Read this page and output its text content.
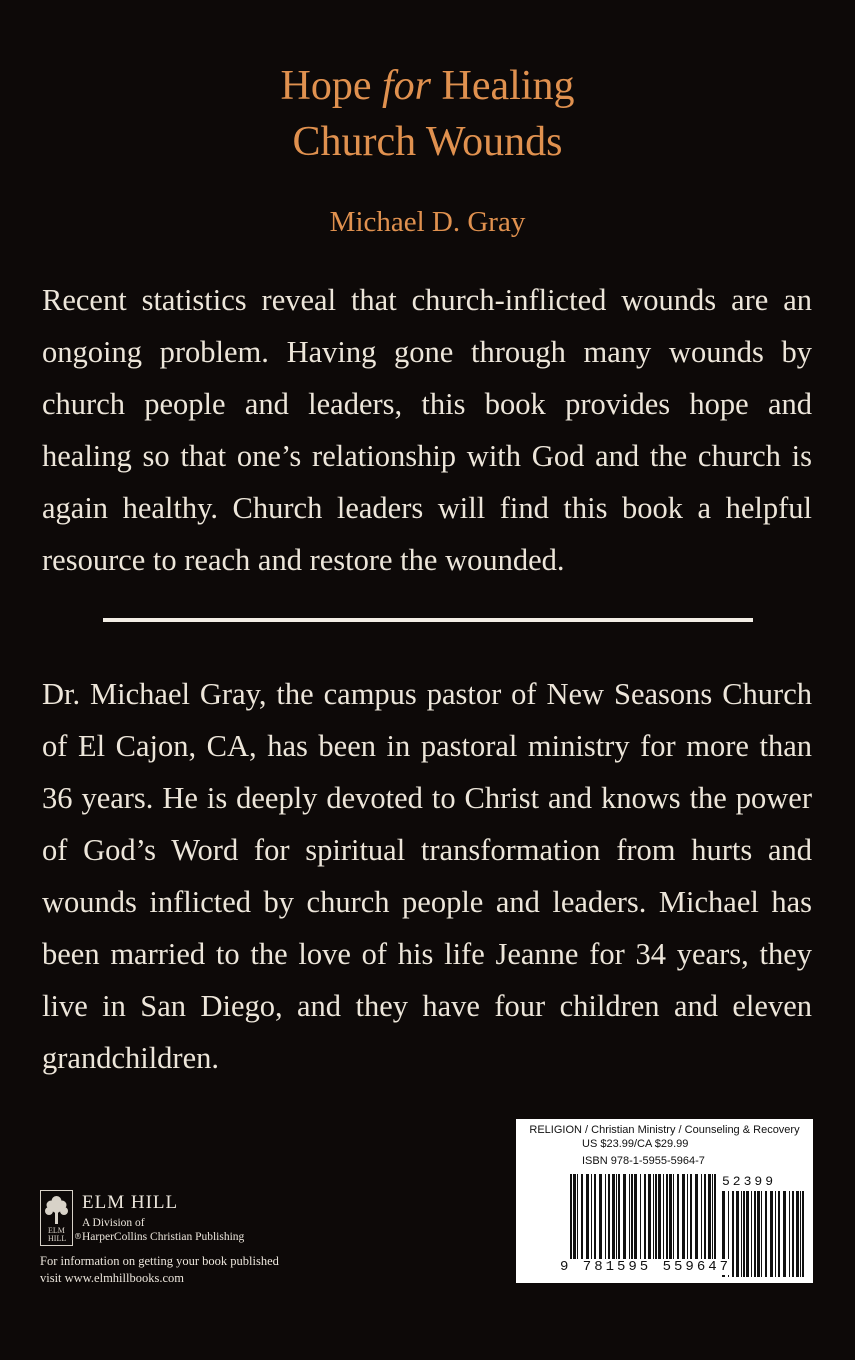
Hope for Healing
Church Wounds
Michael D. Gray
Recent statistics reveal that church-inflicted wounds are an ongoing problem. Having gone through many wounds by church people and leaders, this book provides hope and healing so that one’s relationship with God and the church is again healthy. Church leaders will find this book a helpful resource to reach and restore the wounded.
Dr. Michael Gray, the campus pastor of New Seasons Church of El Cajon, CA, has been in pastoral ministry for more than 36 years. He is deeply devoted to Christ and knows the power of God’s Word for spiritual transformation from hurts and wounds inflicted by church people and leaders. Michael has been married to the love of his life Jeanne for 34 years, they live in San Diego, and they have four children and eleven grandchildren.
ELM HILL ®
ELM HILL
A Division of
HarperCollins Christian Publishing
For information on getting your book published
visit www.elmhillbooks.com
RELIGION / Christian Ministry / Counseling & Recovery
US $23.99/CA $29.99
ISBN 978-1-5955-5964-7
52399
9 781595 559647
